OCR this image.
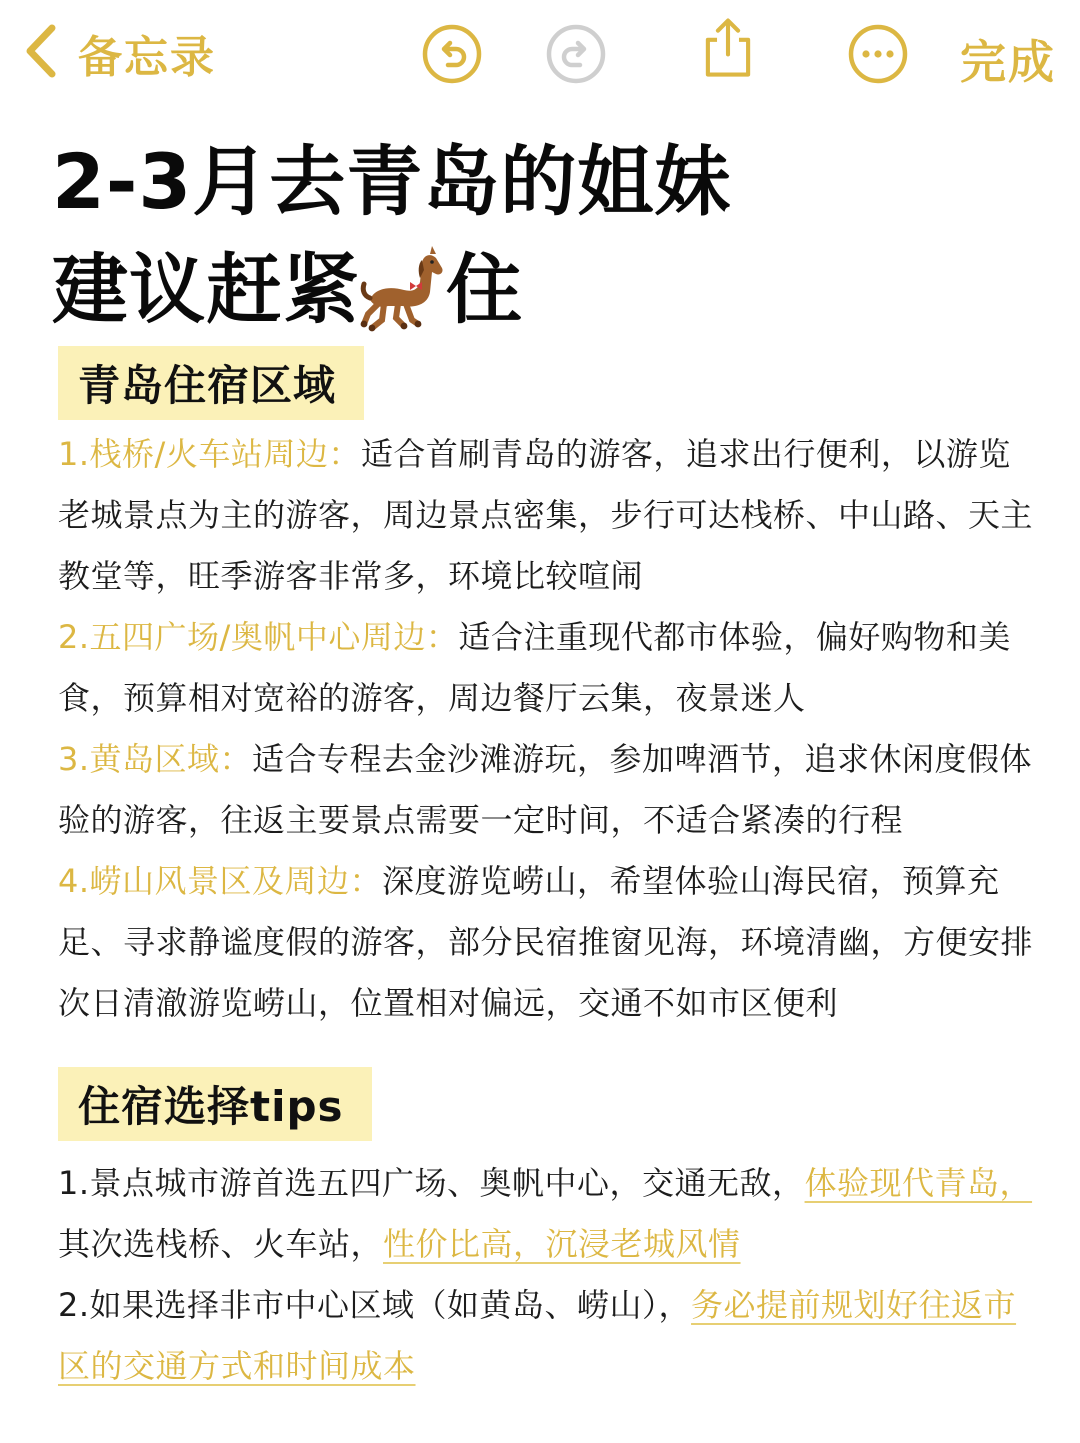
备忘录	完成
2-3月去青岛的姐妹
建议赶紧 住
青岛住宿区域
1.栈桥/火车站周边：适合首刷青岛的游客，追求出行便利，以游览老城景点为主的游客，周边景点密集，步行可达栈桥、中山路、天主教堂等，旺季游客非常多，环境比较喧闹
2.五四广场/奥帆中心周边：适合注重现代都市体验，偏好购物和美食，预算相对宽裕的游客，周边餐厅云集，夜景迷人
3.黄岛区域：适合专程去金沙滩游玩，参加啤酒节，追求休闲度假体验的游客，往返主要景点需要一定时间，不适合紧凑的行程
4.崂山风景区及周边：深度游览崂山，希望体验山海民宿，预算充足、寻求静谧度假的游客，部分民宿推窗见海，环境清幽，方便安排次日清澈游览崂山，位置相对偏远，交通不如市区便利
住宿选择tips
1.景点城市游首选五四广场、奥帆中心，交通无敌，体验现代青岛，其次选栈桥、火车站，性价比高，沉浸老城风情
2.如果选择非市中心区域（如黄岛、崂山），务必提前规划好往返市区的交通方式和时间成本
